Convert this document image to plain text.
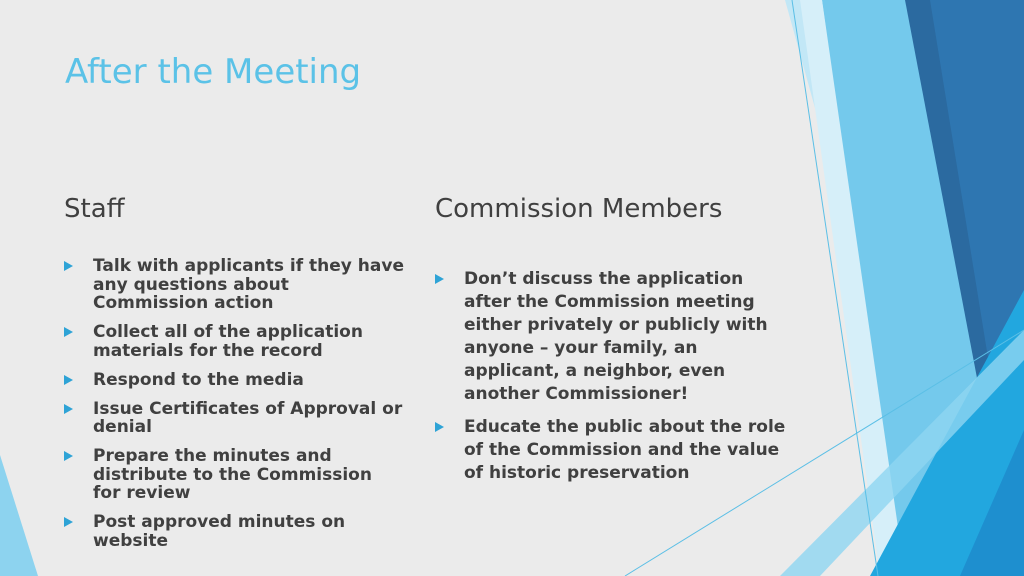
After the Meeting
Staff	Commission Members
Talk with applicants if they have any questions about Commission action
Collect all of the application materials for the record
Respond to the media
Issue Certificates of Approval or denial
Prepare the minutes and distribute to the Commission for review
Post approved minutes on website
Don’t discuss the application after the Commission meeting either privately or publicly with anyone – your family, an applicant, a neighbor, even another Commissioner!
Educate the public about the role of the Commission and the value of historic preservation
